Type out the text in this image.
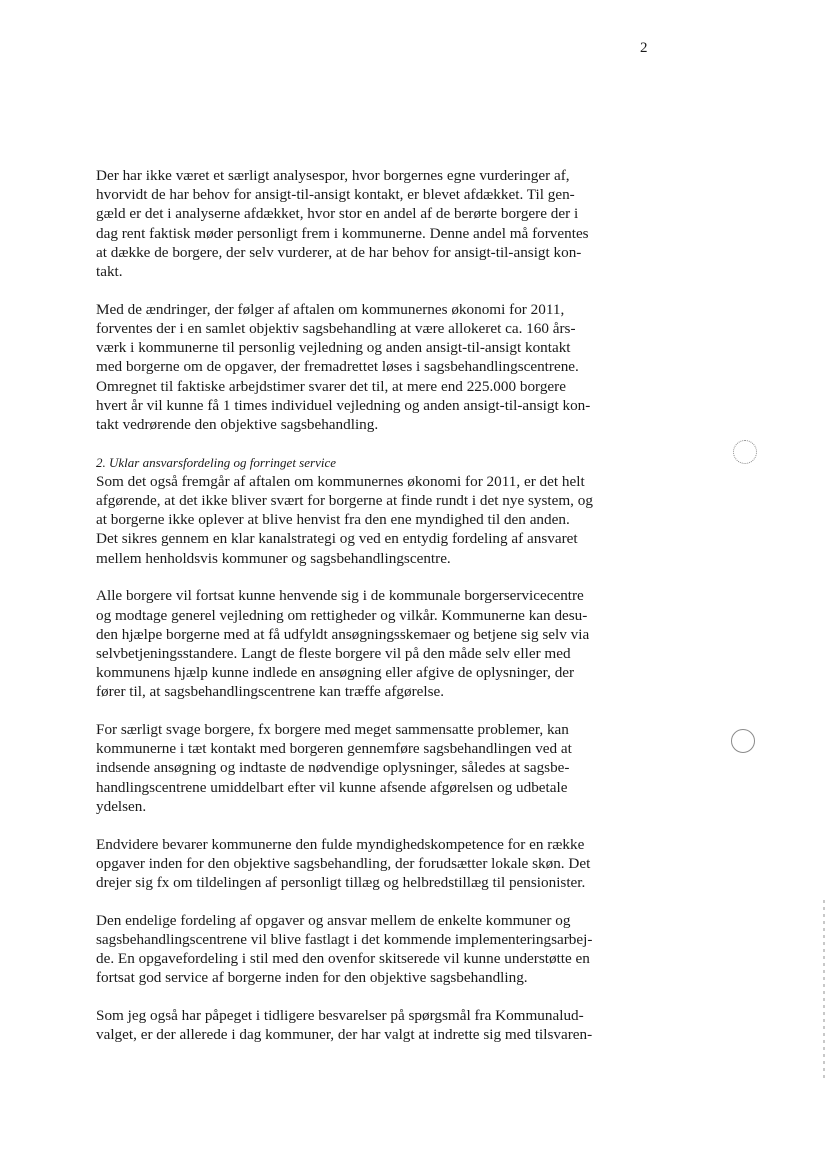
2

Der har ikke været et særligt analysespor, hvor borgernes egne vurderinger af,
hvorvidt de har behov for ansigt-til-ansigt kontakt, er blevet afdækket. Til gen-
gæld er det i analyserne afdækket, hvor stor en andel af de berørte borgere der i
dag rent faktisk møder personligt frem i kommunerne. Denne andel må forventes
at dække de borgere, der selv vurderer, at de har behov for ansigt-til-ansigt kon-
takt.

Med de ændringer, der følger af aftalen om kommunernes økonomi for 2011,
forventes der i en samlet objektiv sagsbehandling at være allokeret ca. 160 års-
værk i kommunerne til personlig vejledning og anden ansigt-til-ansigt kontakt
med borgerne om de opgaver, der fremadrettet løses i sagsbehandlingscentrene.
Omregnet til faktiske arbejdstimer svarer det til, at mere end 225.000 borgere
hvert år vil kunne få 1 times individuel vejledning og anden ansigt-til-ansigt kon-
takt vedrørende den objektive sagsbehandling.

2. Uklar ansvarsfordeling og forringet service
Som det også fremgår af aftalen om kommunernes økonomi for 2011, er det helt
afgørende, at det ikke bliver svært for borgerne at finde rundt i det nye system, og
at borgerne ikke oplever at blive henvist fra den ene myndighed til den anden.
Det sikres gennem en klar kanalstrategi og ved en entydig fordeling af ansvaret
mellem henholdsvis kommuner og sagsbehandlingscentre.

Alle borgere vil fortsat kunne henvende sig i de kommunale borgerservicecentre
og modtage generel vejledning om rettigheder og vilkår. Kommunerne kan desu-
den hjælpe borgerne med at få udfyldt ansøgningsskemaer og betjene sig selv via
selvbetjeningsstandere. Langt de fleste borgere vil på den måde selv eller med
kommunens hjælp kunne indlede en ansøgning eller afgive de oplysninger, der
fører til, at sagsbehandlingscentrene kan træffe afgørelse.

For særligt svage borgere, fx borgere med meget sammensatte problemer, kan
kommunerne i tæt kontakt med borgeren gennemføre sagsbehandlingen ved at
indsende ansøgning og indtaste de nødvendige oplysninger, således at sagsbe-
handlingscentrene umiddelbart efter vil kunne afsende afgørelsen og udbetale
ydelsen.

Endvidere bevarer kommunerne den fulde myndighedskompetence for en række
opgaver inden for den objektive sagsbehandling, der forudsætter lokale skøn. Det
drejer sig fx om tildelingen af personligt tillæg og helbredstillæg til pensionister.

Den endelige fordeling af opgaver og ansvar mellem de enkelte kommuner og
sagsbehandlingscentrene vil blive fastlagt i det kommende implementeringsarbej-
de. En opgavefordeling i stil med den ovenfor skitserede vil kunne understøtte en
fortsat god service af borgerne inden for den objektive sagsbehandling.

Som jeg også har påpeget i tidligere besvarelser på spørgsmål fra Kommunalud-
valget, er der allerede i dag kommuner, der har valgt at indrette sig med tilsvaren-
